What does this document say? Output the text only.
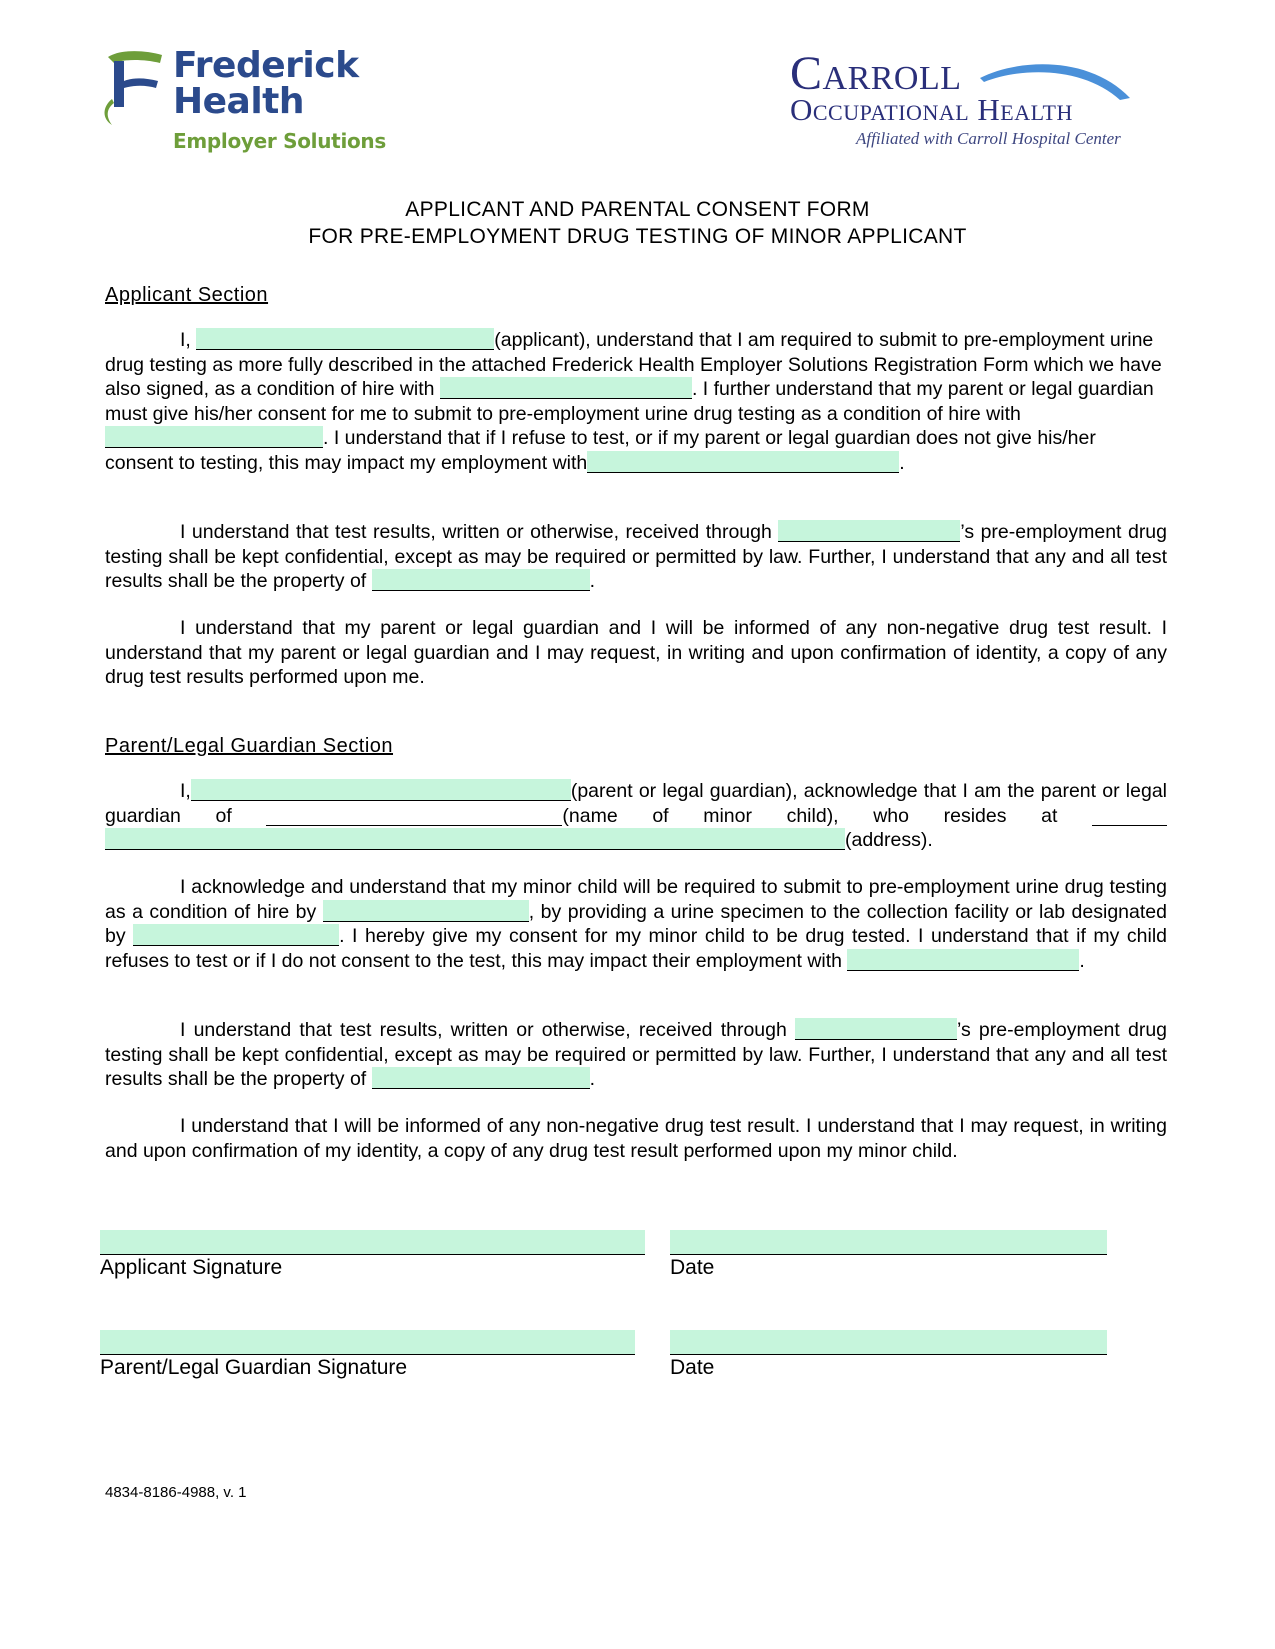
Frederick
Health
Employer Solutions
Carroll
Occupational Health
Affiliated with Carroll Hospital Center
APPLICANT AND PARENTAL CONSENT FORM
FOR PRE-EMPLOYMENT DRUG TESTING OF MINOR APPLICANT
Applicant Section
I,	(applicant), understand that I am required to submit to pre-employment urine drug testing as more fully described in the attached Frederick Health Employer Solutions Registration Form which we have also signed, as a condition of hire with	. I further understand that my parent or legal guardian must give his/her consent for me to submit to pre-employment urine drug testing as a condition of hire with . I understand that if I refuse to test, or if my parent or legal guardian does not give his/her consent to testing, this may impact my employment with	.
I understand that test results, written or otherwise, received through	’s pre-employment drug testing shall be kept confidential, except as may be required or permitted by law. Further, I understand that any and all test results shall be the property of	.
I understand that my parent or legal guardian and I will be informed of any non-negative drug test result. I understand that my parent or legal guardian and I may request, in writing and upon confirmation of identity, a copy of any drug test results performed upon me.
Parent/Legal Guardian Section
I,	(parent or legal guardian), acknowledge that I am the parent or legal guardian of	(name of minor child), who resides at (address).
I acknowledge and understand that my minor child will be required to submit to pre-employment urine drug testing as a condition of hire by	, by providing a urine specimen to the collection facility or lab designated by	. I hereby give my consent for my minor child to be drug tested. I understand that if my child refuses to test or if I do not consent to the test, this may impact their employment with	.
I understand that test results, written or otherwise, received through	’s pre-employment drug testing shall be kept confidential, except as may be required or permitted by law. Further, I understand that any and all test results shall be the property of	.
I understand that I will be informed of any non-negative drug test result. I understand that I may request, in writing and upon confirmation of my identity, a copy of any drug test result performed upon my minor child.
Applicant Signature	Date
Parent/Legal Guardian Signature	Date
4834-8186-4988, v. 1
